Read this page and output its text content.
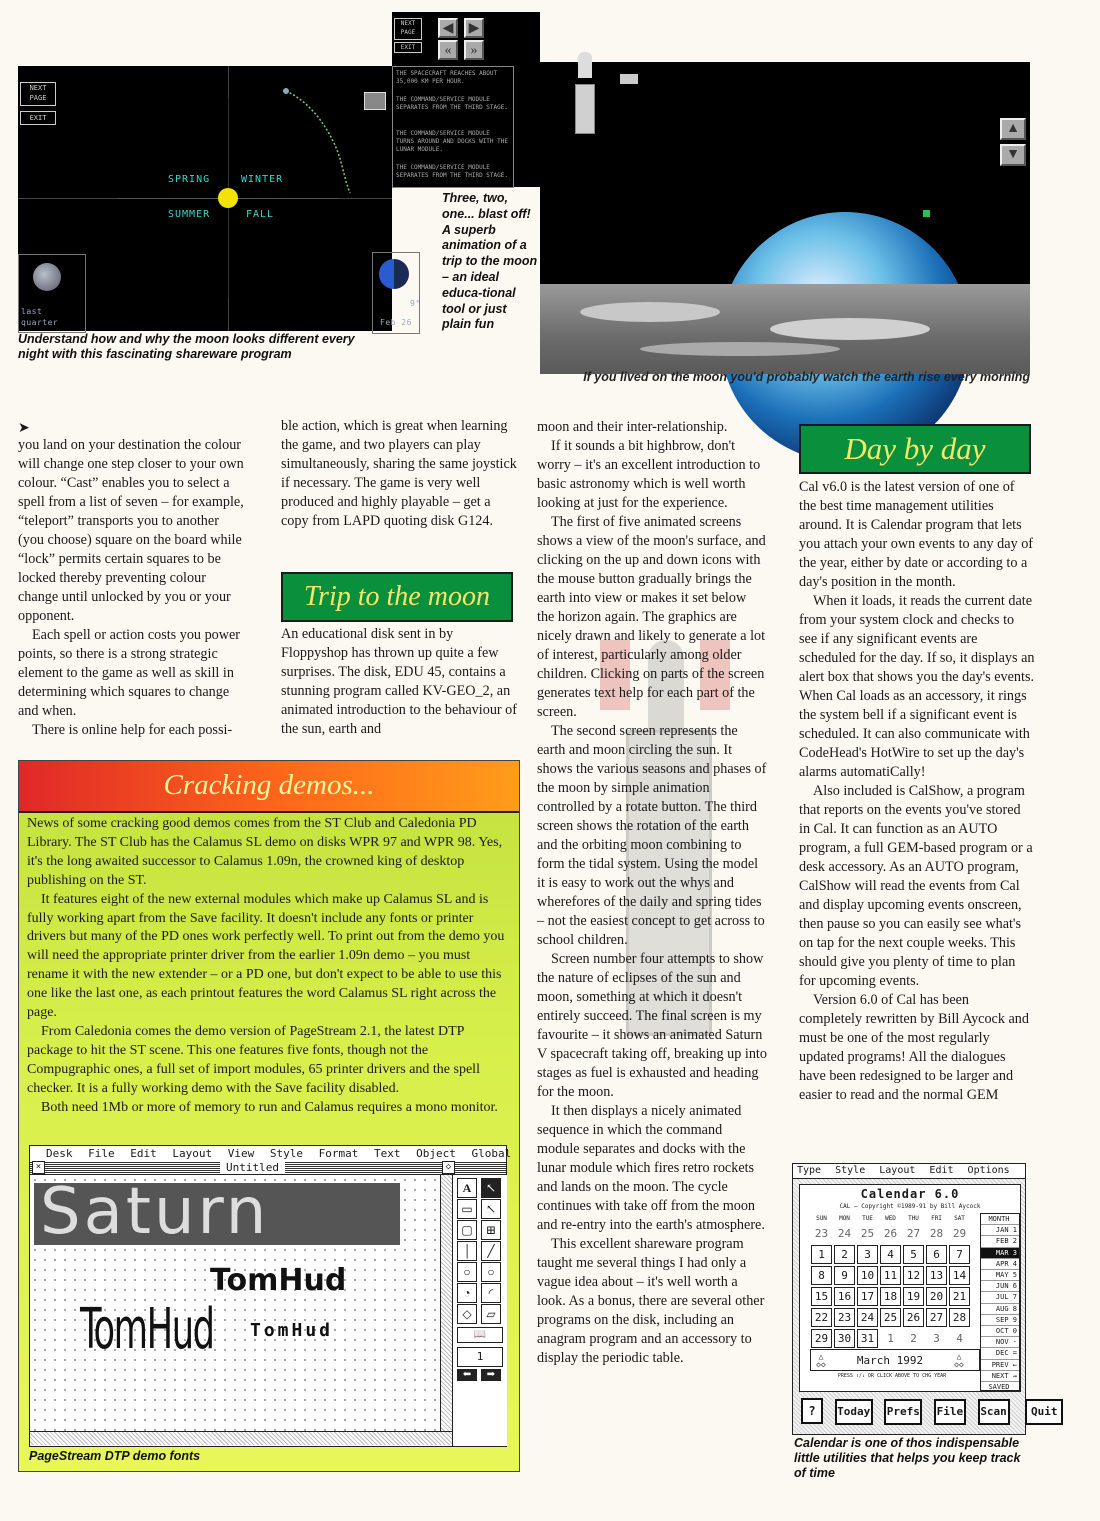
SPRING	WINTER
SUMMER	FALL
NEXT PAGE
EXIT
last
quarter
9°
Feb 26
Understand how and why the moon looks different every night with this fascinating shareware program
NEXT PAGE
EXIT
◀	▶
«	»
THE SPACECRAFT REACHES ABOUT 35,000 KM PER HOUR.
THE COMMAND/SERVICE MODULE SEPARATES FROM THE THIRD STAGE.
THE COMMAND/SERVICE MODULE TURNS AROUND AND DOCKS WITH THE LUNAR MODULE.
THE COMMAND/SERVICE MODULE SEPARATES FROM THE THIRD STAGE.
Three, two, one... blast off! A superb animation of a trip to the moon – an ideal educa-tional tool or just plain fun
▲
▼
If you lived on the moon you'd probably watch the earth rise every morning
➤

you land on your destination the colour will change one step closer to your own colour. “Cast” enables you to select a spell from a list of seven – for example, “teleport” transports you to another (you choose) square on the board while “lock” permits certain squares to be locked thereby preventing colour change until unlocked by you or your opponent.

Each spell or action costs you power points, so there is a strong strategic element to the game as well as skill in determining which squares to change and when.

There is online help for each possi-

ble action, which is great when learning the game, and two players can play simultaneously, sharing the same joystick if necessary. The game is very well produced and highly playable – get a copy from LAPD quoting disk G124.

Trip to the moon

An educational disk sent in by Floppyshop has thrown up quite a few surprises. The disk, EDU 45, contains a stunning program called KV-GEO_2, an animated introduction to the behaviour of the sun, earth and

moon and their inter-relationship.

If it sounds a bit highbrow, don't worry – it's an excellent introduction to basic astronomy which is well worth looking at just for the experience.

The first of five animated screens shows a view of the moon's surface, and clicking on the up and down icons with the mouse button gradually brings the earth into view or makes it set below the horizon again. The graphics are nicely drawn and likely to generate a lot of interest, particularly among older children. Clicking on parts of the screen generates text help for each part of the screen.

The second screen represents the earth and moon circling the sun. It shows the various seasons and phases of the moon by simple animation controlled by a rotate button. The third screen shows the rotation of the earth and the orbiting moon combining to form the tidal system. Using the model it is easy to work out the whys and wherefores of the daily and spring tides – not the easiest concept to get across to school children.

Screen number four attempts to show the nature of eclipses of the sun and moon, something at which it doesn't entirely succeed. The final screen is my favourite – it shows an animated Saturn V spacecraft taking off, breaking up into stages as fuel is exhausted and heading for the moon.

It then displays a nicely animated sequence in which the command module separates and docks with the lunar module which fires retro rockets and lands on the moon. The cycle continues with take off from the moon and re-entry into the earth's atmosphere.

This excellent shareware program taught me several things I had only a vague idea about – it's well worth a look. As a bonus, there are several other programs on the disk, including an anagram program and an accessory to display the periodic table.

Day by day

Cal v6.0 is the latest version of one of the best time management utilities around. It is Calendar program that lets you attach your own events to any day of the year, either by date or according to a day's position in the month.

When it loads, it reads the current date from your system clock and checks to see if any significant events are scheduled for the day. If so, it displays an alert box that shows you the day's events. When Cal loads as an accessory, it rings the system bell if a significant event is scheduled. It can also communicate with CodeHead's HotWire to set up the day's alarms automatiCally!

Also included is CalShow, a program that reports on the events you've stored in Cal. It can function as an AUTO program, a full GEM-based program or a desk accessory. As an AUTO program, CalShow will read the events from Cal and display upcoming events onscreen, then pause so you can easily see what's on tap for the next couple weeks. This should give you plenty of time to plan for upcoming events.

Version 6.0 of Cal has been completely rewritten by Bill Aycock and must be one of the most regularly updated programs! All the dialogues have been redesigned to be larger and easier to read and the normal GEM

Cracking demos...

News of some cracking good demos comes from the ST Club and Caledonia PD Library. The ST Club has the Calamus SL demo on disks WPR 97 and WPR 98. Yes, it's the long awaited successor to Calamus 1.09n, the crowned king of desktop publishing on the ST.

It features eight of the new external modules which make up Calamus SL and is fully working apart from the Save facility. It doesn't include any fonts or printer drivers but many of the PD ones work perfectly well. To print out from the demo you will need the appropriate printer driver from the earlier 1.09n demo – you must rename it with the new extender – or a PD one, but don't expect to be able to use this one like the last one, as each printout features the word Calamus SL right across the page.

From Caledonia comes the demo version of PageStream 2.1, the latest DTP package to hit the ST scene. This one features five fonts, though not the Compugraphic ones, a full set of import modules, 65 printer drivers and the spell checker. It is a fully working demo with the Save facility disabled.

Both need 1Mb or more of memory to run and Calamus requires a mono monitor.

Desk File Edit Layout View Style Format Text Object Global
×	Untitled	◇
Saturn
TomHud
TomHud TomHud
A	↖
▭	↖
▢	⊞
│	╱
○	○
◔	◜
◇	▱
📖
1
⬅	➡
PageStream DTP demo fonts
Type Style Layout Edit Options
Calendar 6.0
CAL – Copyright ©1989-91 by Bill Aycock
SUN MON TUE WED THU FRI SAT
23 24 25 26 27 28 29
1 2 3 4 5 6 7
8 9 10 11 12 13 14
15 16 17 18 19 20 21
22 23 24 25 26 27 28
29 30 31 1 2 3 4
MONTH
JAN 1
FEB 2
MAR 3
APR 4
MAY 5
JUN 6
JUL 7
AUG 8
SEP 9
OCT 0
NOV -
DEC =
PREV ←
NEXT →
SAVED
△
◇◇	March 1992	△
◇◇
PRESS ↑/↓ OR CLICK ABOVE TO CHG YEAR
? Today Prefs File Scan Quit
Calendar is one of thos indispensable little utilities that helps you keep track of time
